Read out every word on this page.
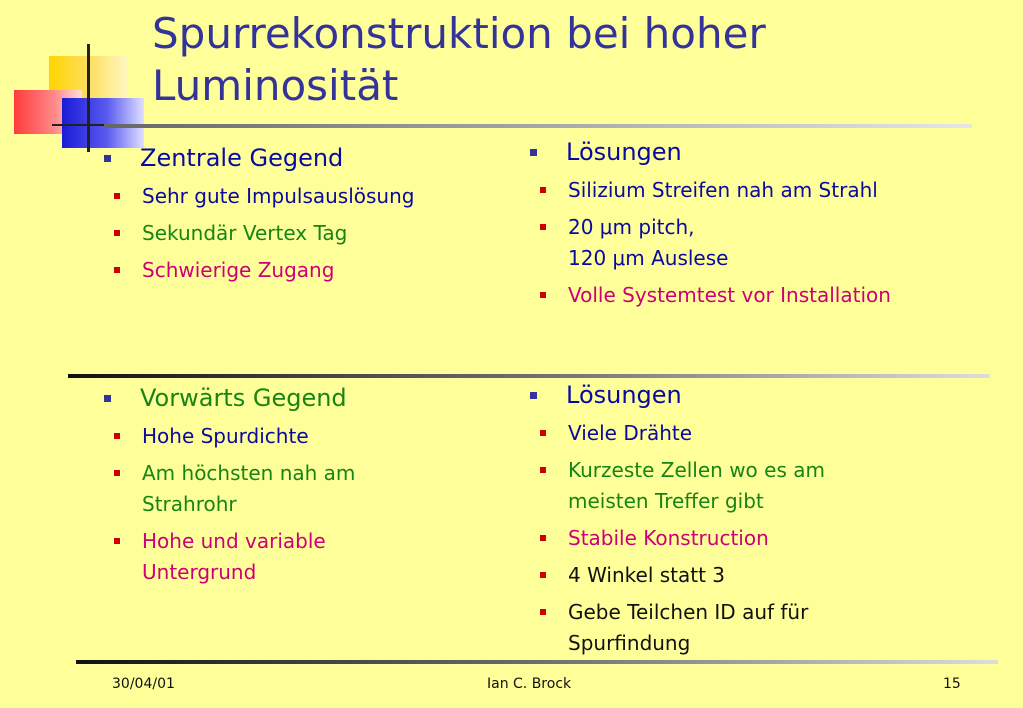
Spurrekonstruktion bei hoher Luminosität
Zentrale Gegend
Sehr gute Impulsauslösung
Sekundär Vertex Tag
Schwierige Zugang
Lösungen
Silizium Streifen nah am Strahl
20 μm pitch,
120 μm Auslese
Volle Systemtest vor Installation
Vorwärts Gegend
Hohe Spurdichte
Am höchsten nah am Strahrohr
Hohe und variable Untergrund
Lösungen
Viele Drähte
Kurzeste Zellen wo es am meisten Treffer gibt
Stabile Konstruction
4 Winkel statt 3
Gebe Teilchen ID auf für Spurfindung
30/04/01	Ian C. Brock	15
